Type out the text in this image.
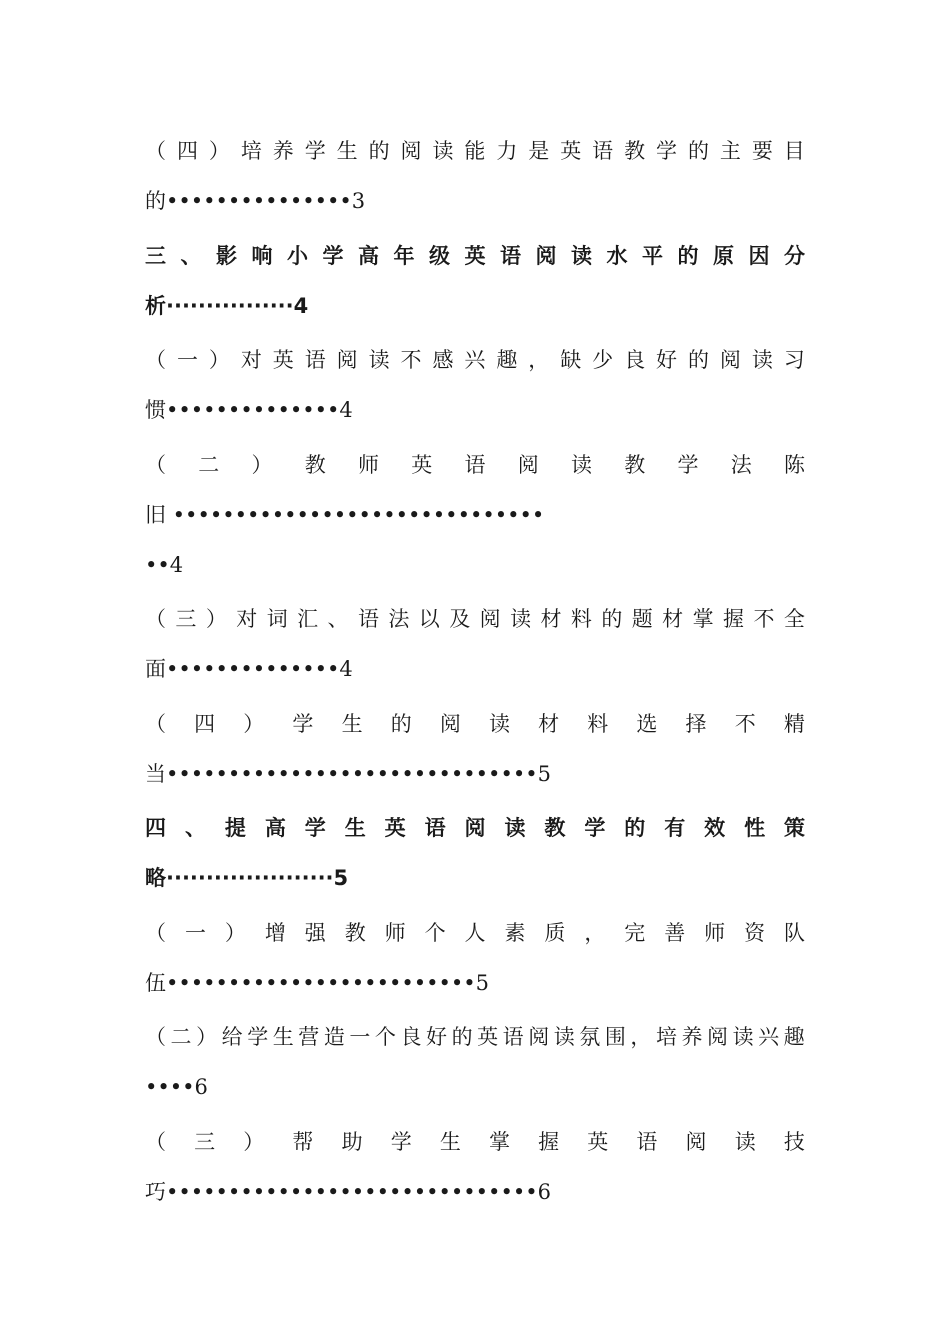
（ 四 ） 培 养 学 生 的 阅 读 能 力 是 英 语 教 学 的 主 要 目
的•••••••••••••••3
三 、 影 响 小 学 高 年 级 英 语 阅 读 水 平 的 原 因 分
析················4
（ 一 ） 对 英 语 阅 读 不 感 兴 趣 ， 缺 少 良 好 的 阅 读 习
惯••••••••••••••4
（ 二 ） 教 师 英 语 阅 读 教 学 法 陈
旧 ••••••••••••••••••••••••••••••
••4
（ 三 ） 对 词 汇 、 语 法 以 及 阅 读 材 料 的 题 材 掌 握 不 全
面••••••••••••••4
（ 四 ） 学 生 的 阅 读 材 料 选 择 不 精
当••••••••••••••••••••••••••••••5
四 、 提 高 学 生 英 语 阅 读 教 学 的 有 效 性 策
略·····················5
（ 一 ） 增 强 教 师 个 人 素 质 ， 完 善 师 资 队
伍•••••••••••••••••••••••••5
（ 二 ） 给 学 生 营 造 一 个 良 好 的 英 语 阅 读 氛 围 ， 培 养 阅 读 兴 趣
••••6
（ 三 ） 帮 助 学 生 掌 握 英 语 阅 读 技
巧••••••••••••••••••••••••••••••6
